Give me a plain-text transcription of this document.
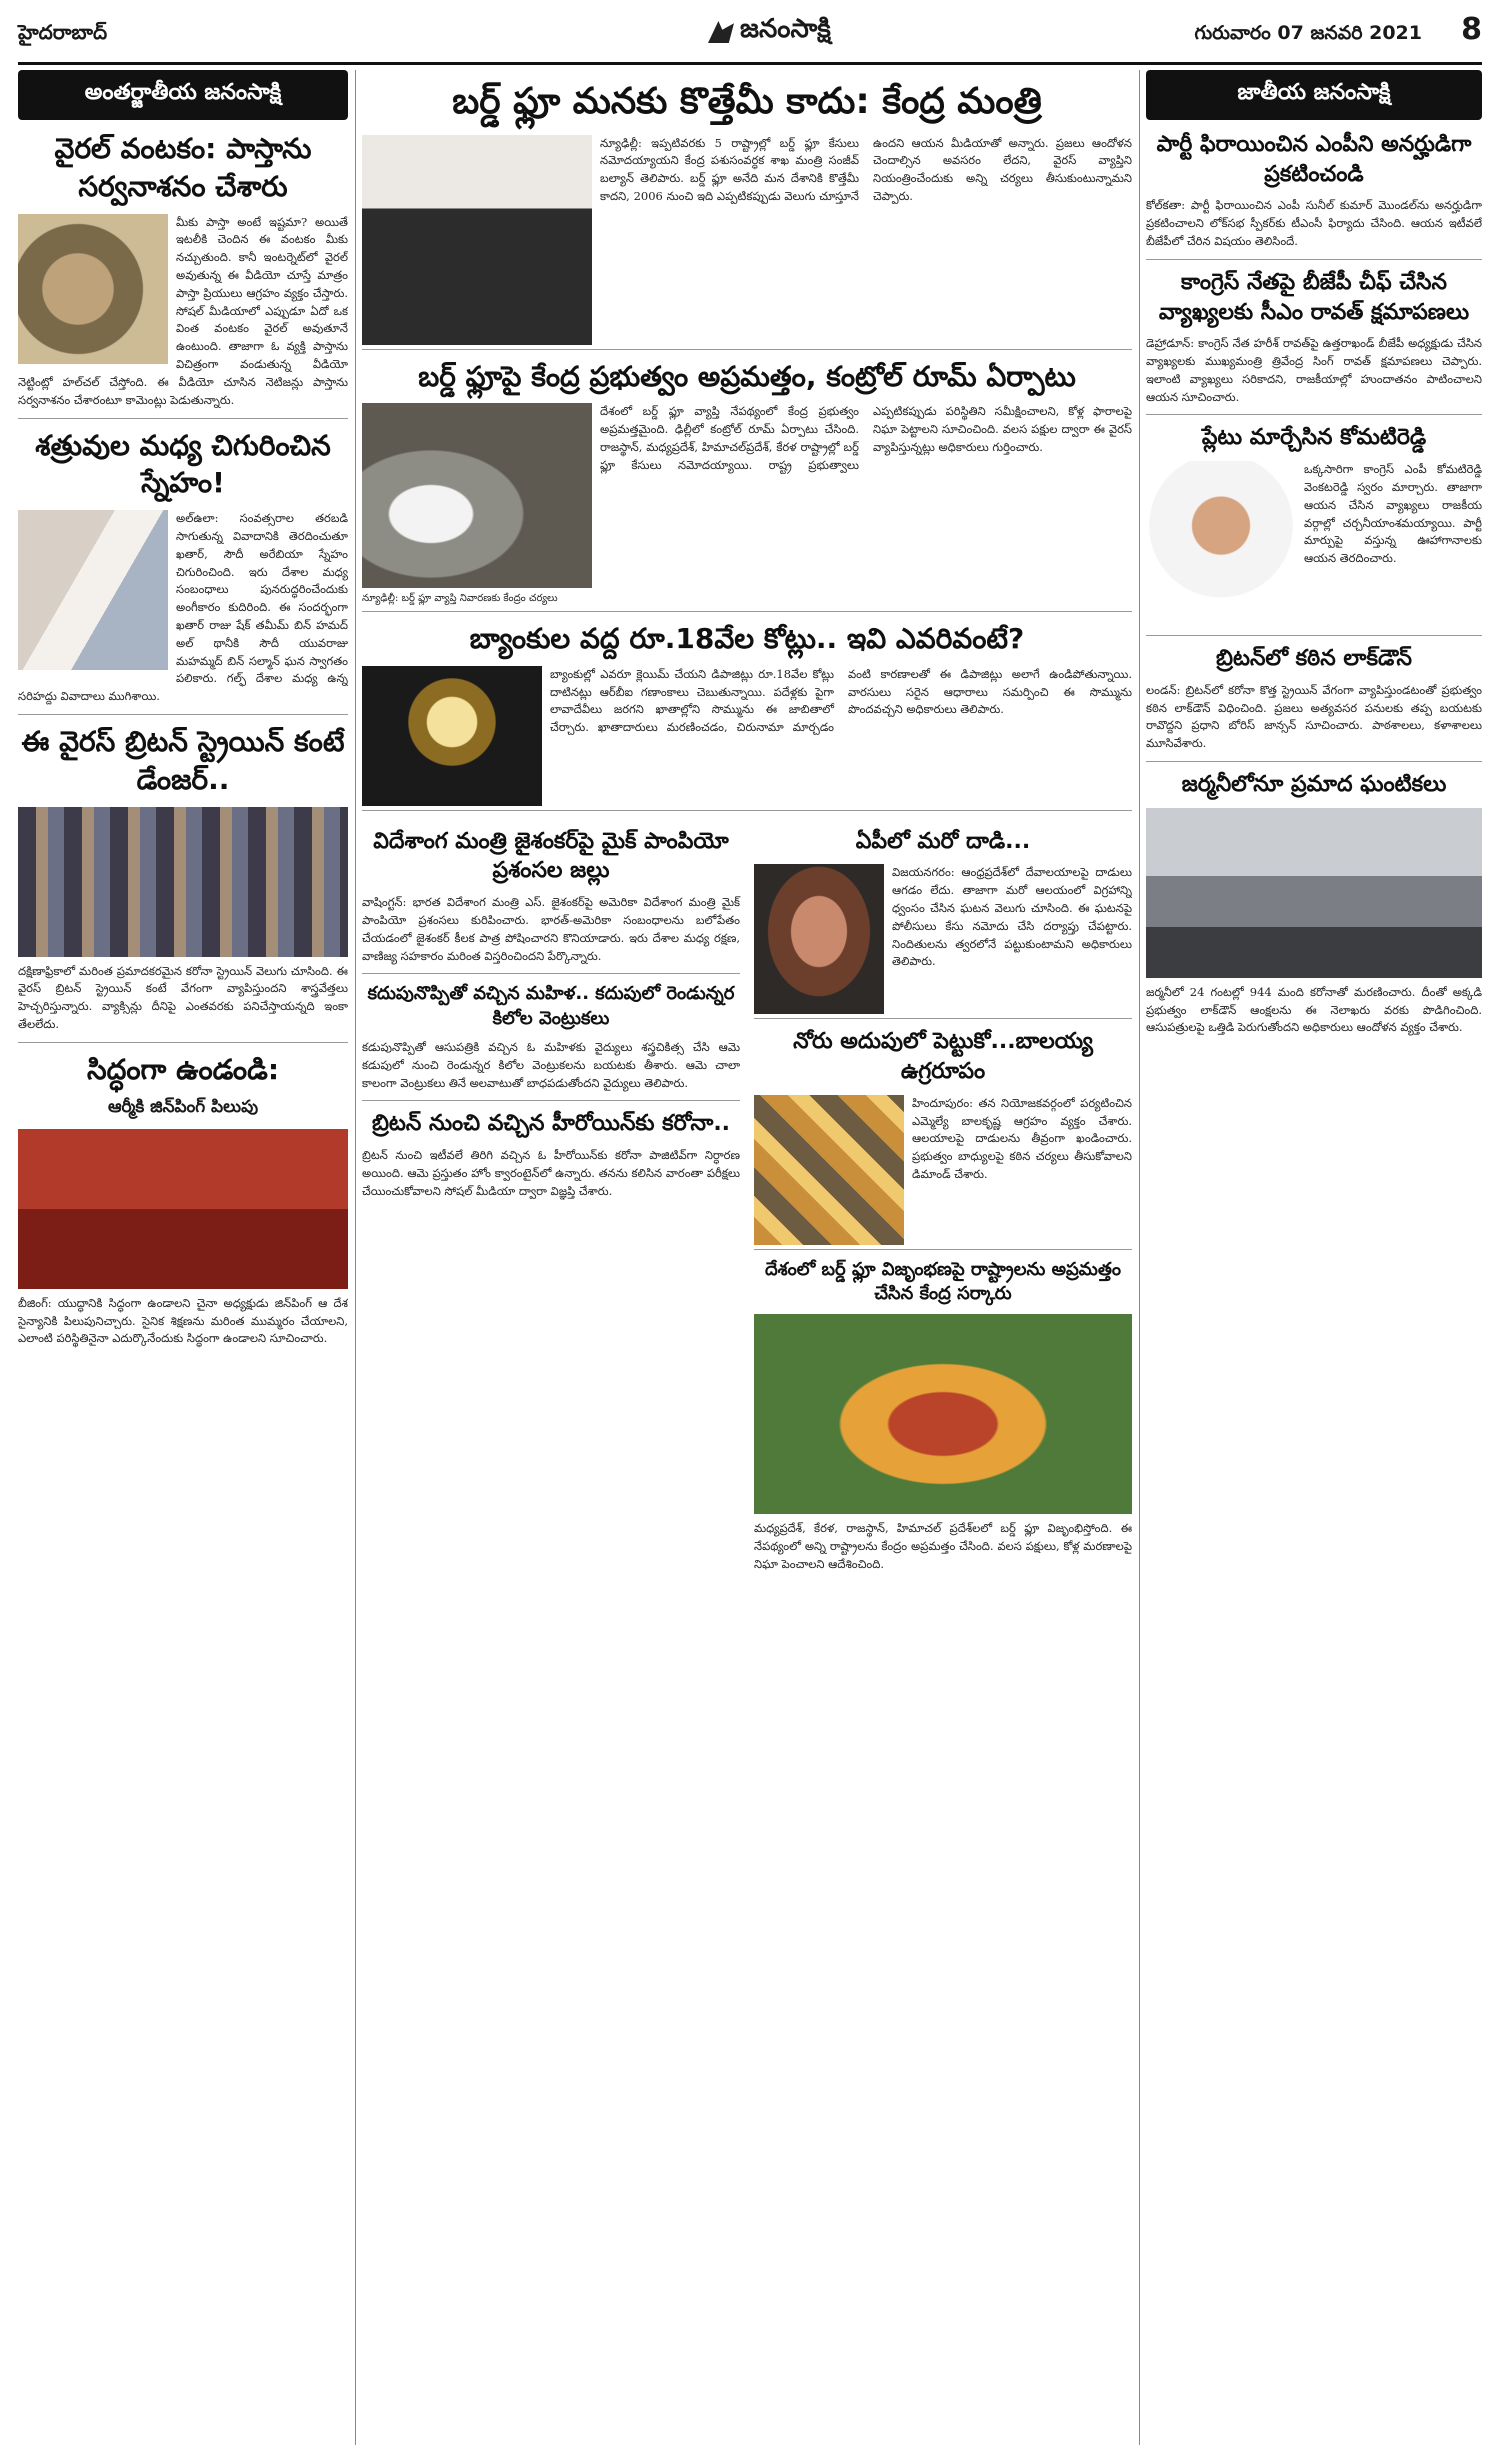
హైదరాబాద్	జనంసాక్షి	గురువారం 07 జనవరి 2021 8
అంతర్జాతీయ జనంసాక్షి
వైరల్‌ వంటకం: పాస్తాను సర్వనాశనం చేశారు

మీకు పాస్తా అంటే ఇష్టమా? అయితే ఇటలీకి చెందిన ఈ వంటకం మీకు నచ్చుతుంది. కానీ ఇంటర్నెట్‌లో వైరల్‌ అవుతున్న ఈ వీడియో చూస్తే మాత్రం పాస్తా ప్రియులు ఆగ్రహం వ్యక్తం చేస్తారు. సోషల్‌ మీడియాలో ఎప్పుడూ ఏదో ఒక వింత వంటకం వైరల్‌ అవుతూనే ఉంటుంది. తాజాగా ఓ వ్యక్తి పాస్తాను విచిత్రంగా వండుతున్న వీడియో నెట్టింట్లో హల్‌చల్‌ చేస్తోంది. ఈ వీడియో చూసిన నెటిజన్లు పాస్తాను సర్వనాశనం చేశారంటూ కామెంట్లు పెడుతున్నారు.

శత్రువుల మధ్య చిగురించిన స్నేహం!

అల్‌ఉలా: సంవత్సరాల తరబడి సాగుతున్న వివాదానికి తెరదించుతూ ఖతార్‌, సౌదీ అరేబియా స్నేహం చిగురించింది. ఇరు దేశాల మధ్య సంబంధాలు పునరుద్ధరించేందుకు అంగీకారం కుదిరింది. ఈ సందర్భంగా ఖతార్‌ రాజు షేక్‌ తమీమ్‌ బిన్‌ హమద్‌ అల్‌ థానీకి సౌదీ యువరాజు మహమ్మద్‌ బిన్‌ సల్మాన్‌ ఘన స్వాగతం పలికారు. గల్ఫ్‌ దేశాల మధ్య ఉన్న సరిహద్దు వివాదాలు ముగిశాయి.

ఈ వైరస్‌ బ్రిటన్‌ స్ట్రెయిన్‌ కంటే డేంజర్‌..

దక్షిణాఫ్రికాలో మరింత ప్రమాదకరమైన కరోనా స్ట్రెయిన్‌ వెలుగు చూసింది. ఈ వైరస్‌ బ్రిటన్‌ స్ట్రెయిన్‌ కంటే వేగంగా వ్యాపిస్తుందని శాస్త్రవేత్తలు హెచ్చరిస్తున్నారు. వ్యాక్సిన్లు దీనిపై ఎంతవరకు పనిచేస్తాయన్నది ఇంకా తేలలేదు.

సిద్ధంగా ఉండండి:
ఆర్మీకి జిన్‌పింగ్‌ పిలుపు

బీజింగ్‌: యుద్ధానికి సిద్ధంగా ఉండాలని చైనా అధ్యక్షుడు జిన్‌పింగ్‌ ఆ దేశ సైన్యానికి పిలుపునిచ్చారు. సైనిక శిక్షణను మరింత ముమ్మరం చేయాలని, ఎలాంటి పరిస్థితినైనా ఎదుర్కొనేందుకు సిద్ధంగా ఉండాలని సూచించారు.

బర్డ్‌ ఫ్లూ మనకు కొత్తేమీ కాదు: కేంద్ర మంత్రి

న్యూఢిల్లీ: ఇప్పటివరకు 5 రాష్ట్రాల్లో బర్డ్‌ ఫ్లూ కేసులు నమోదయ్యాయని కేంద్ర పశుసంవర్ధక శాఖ మంత్రి సంజీవ్‌ బల్యాన్‌ తెలిపారు. బర్డ్‌ ఫ్లూ అనేది మన దేశానికి కొత్తేమీ కాదని, 2006 నుంచి ఇది ఎప్పటికప్పుడు వెలుగు చూస్తూనే ఉందని ఆయన మీడియాతో అన్నారు. ప్రజలు ఆందోళన చెందాల్సిన అవసరం లేదని, వైరస్‌ వ్యాప్తిని నియంత్రించేందుకు అన్ని చర్యలు తీసుకుంటున్నామని చెప్పారు.

బర్డ్‌ ఫ్లూపై కేంద్ర ప్రభుత్వం అప్రమత్తం, కంట్రోల్‌ రూమ్‌ ఏర్పాటు
న్యూఢిల్లీ: బర్డ్‌ ఫ్లూ వ్యాప్తి నివారణకు కేంద్రం చర్యలు

దేశంలో బర్డ్‌ ఫ్లూ వ్యాప్తి నేపథ్యంలో కేంద్ర ప్రభుత్వం అప్రమత్తమైంది. ఢిల్లీలో కంట్రోల్‌ రూమ్‌ ఏర్పాటు చేసింది. రాజస్థాన్‌, మధ్యప్రదేశ్‌, హిమాచల్‌ప్రదేశ్‌, కేరళ రాష్ట్రాల్లో బర్డ్‌ ఫ్లూ కేసులు నమోదయ్యాయి. రాష్ట్ర ప్రభుత్వాలు ఎప్పటికప్పుడు పరిస్థితిని సమీక్షించాలని, కోళ్ల ఫారాలపై నిఘా పెట్టాలని సూచించింది. వలస పక్షుల ద్వారా ఈ వైరస్‌ వ్యాపిస్తున్నట్లు అధికారులు గుర్తించారు.

బ్యాంకుల వద్ద రూ.18వేల కోట్లు.. ఇవి ఎవరివంటే?

బ్యాంకుల్లో ఎవరూ క్లెయిమ్‌ చేయని డిపాజిట్లు రూ.18వేల కోట్లు దాటినట్లు ఆర్‌బీఐ గణాంకాలు చెబుతున్నాయి. పదేళ్లకు పైగా లావాదేవీలు జరగని ఖాతాల్లోని సొమ్మును ఈ జాబితాలో చేర్చారు. ఖాతాదారులు మరణించడం, చిరునామా మార్చడం వంటి కారణాలతో ఈ డిపాజిట్లు అలాగే ఉండిపోతున్నాయి. వారసులు సరైన ఆధారాలు సమర్పించి ఈ సొమ్మును పొందవచ్చని అధికారులు తెలిపారు.

విదేశాంగ మంత్రి జైశంకర్‌పై మైక్‌ పాంపియో ప్రశంసల జల్లు

వాషింగ్టన్‌: భారత విదేశాంగ మంత్రి ఎస్‌. జైశంకర్‌పై అమెరికా విదేశాంగ మంత్రి మైక్‌ పాంపియో ప్రశంసలు కురిపించారు. భారత్‌-అమెరికా సంబంధాలను బలోపేతం చేయడంలో జైశంకర్‌ కీలక పాత్ర పోషించారని కొనియాడారు. ఇరు దేశాల మధ్య రక్షణ, వాణిజ్య సహకారం మరింత విస్తరించిందని పేర్కొన్నారు.

కదుపునొప్పితో వచ్చిన మహిళ.. కదుపులో రెండున్నర కిలోల వెంట్రుకలు

కడుపునొప్పితో ఆసుపత్రికి వచ్చిన ఓ మహిళకు వైద్యులు శస్త్రచికిత్స చేసి ఆమె కడుపులో నుంచి రెండున్నర కిలోల వెంట్రుకలను బయటకు తీశారు. ఆమె చాలా కాలంగా వెంట్రుకలు తినే అలవాటుతో బాధపడుతోందని వైద్యులు తెలిపారు.

బ్రిటన్‌ నుంచి వచ్చిన హీరోయిన్‌కు కరోనా..

బ్రిటన్‌ నుంచి ఇటీవలే తిరిగి వచ్చిన ఓ హీరోయిన్‌కు కరోనా పాజిటివ్‌గా నిర్ధారణ అయింది. ఆమె ప్రస్తుతం హోం క్వారంటైన్‌లో ఉన్నారు. తనను కలిసిన వారంతా పరీక్షలు చేయించుకోవాలని సోషల్‌ మీడియా ద్వారా విజ్ఞప్తి చేశారు.

ఏపీలో మరో దాడి...

విజయనగరం: ఆంధ్రప్రదేశ్‌లో దేవాలయాలపై దాడులు ఆగడం లేదు. తాజాగా మరో ఆలయంలో విగ్రహాన్ని ధ్వంసం చేసిన ఘటన వెలుగు చూసింది. ఈ ఘటనపై పోలీసులు కేసు నమోదు చేసి దర్యాప్తు చేపట్టారు. నిందితులను త్వరలోనే పట్టుకుంటామని అధికారులు తెలిపారు.

నోరు అదుపులో పెట్టుకో...బాలయ్య ఉగ్రరూపం

హిందూపురం: తన నియోజకవర్గంలో పర్యటించిన ఎమ్మెల్యే బాలకృష్ణ ఆగ్రహం వ్యక్తం చేశారు. ఆలయాలపై దాడులను తీవ్రంగా ఖండించారు. ప్రభుత్వం బాధ్యులపై కఠిన చర్యలు తీసుకోవాలని డిమాండ్‌ చేశారు.

దేశంలో బర్డ్‌ ఫ్లూ విజృంభణపై రాష్ట్రాలను అప్రమత్తం చేసిన కేంద్ర సర్కారు

మధ్యప్రదేశ్‌, కేరళ, రాజస్థాన్‌, హిమాచల్‌ ప్రదేశ్‌లలో బర్డ్‌ ఫ్లూ విజృంభిస్తోంది. ఈ నేపథ్యంలో అన్ని రాష్ట్రాలను కేంద్రం అప్రమత్తం చేసింది. వలస పక్షులు, కోళ్ల మరణాలపై నిఘా పెంచాలని ఆదేశించింది.

జాతీయ జనంసాక్షి
పార్టీ ఫిరాయించిన ఎంపీని అనర్హుడిగా ప్రకటించండి

కోల్‌కతా: పార్టీ ఫిరాయించిన ఎంపీ సునీల్‌ కుమార్‌ మొండల్‌ను అనర్హుడిగా ప్రకటించాలని లోక్‌సభ స్పీకర్‌కు టీఎంసీ ఫిర్యాదు చేసింది. ఆయన ఇటీవలే బీజేపీలో చేరిన విషయం తెలిసిందే.

కాంగ్రెస్‌ నేతపై బీజేపీ చీఫ్‌ చేసిన వ్యాఖ్యలకు సీఎం రావత్‌ క్షమాపణలు

డెహ్రాడూన్‌: కాంగ్రెస్‌ నేత హరీశ్‌ రావత్‌పై ఉత్తరాఖండ్‌ బీజేపీ అధ్యక్షుడు చేసిన వ్యాఖ్యలకు ముఖ్యమంత్రి త్రివేంద్ర సింగ్‌ రావత్‌ క్షమాపణలు చెప్పారు. ఇలాంటి వ్యాఖ్యలు సరికాదని, రాజకీయాల్లో హుందాతనం పాటించాలని ఆయన సూచించారు.

ప్లేటు మార్చేసిన కోమటిరెడ్డి

ఒక్కసారిగా కాంగ్రెస్‌ ఎంపీ కోమటిరెడ్డి వెంకటరెడ్డి స్వరం మార్చారు. తాజాగా ఆయన చేసిన వ్యాఖ్యలు రాజకీయ వర్గాల్లో చర్చనీయాంశమయ్యాయి. పార్టీ మార్పుపై వస్తున్న ఊహాగానాలకు ఆయన తెరదించారు.

బ్రిటన్‌లో కఠిన లాక్‌డౌన్‌

లండన్‌: బ్రిటన్‌లో కరోనా కొత్త స్ట్రెయిన్‌ వేగంగా వ్యాపిస్తుండటంతో ప్రభుత్వం కఠిన లాక్‌డౌన్‌ విధించింది. ప్రజలు అత్యవసర పనులకు తప్ప బయటకు రావొద్దని ప్రధాని బోరిస్‌ జాన్సన్‌ సూచించారు. పాఠశాలలు, కళాశాలలు మూసివేశారు.

జర్మనీలోనూ ప్రమాద ఘంటికలు

జర్మనీలో 24 గంటల్లో 944 మంది కరోనాతో మరణించారు. దీంతో అక్కడి ప్రభుత్వం లాక్‌డౌన్‌ ఆంక్షలను ఈ నెలాఖరు వరకు పొడిగించింది. ఆసుపత్రులపై ఒత్తిడి పెరుగుతోందని అధికారులు ఆందోళన వ్యక్తం చేశారు.
